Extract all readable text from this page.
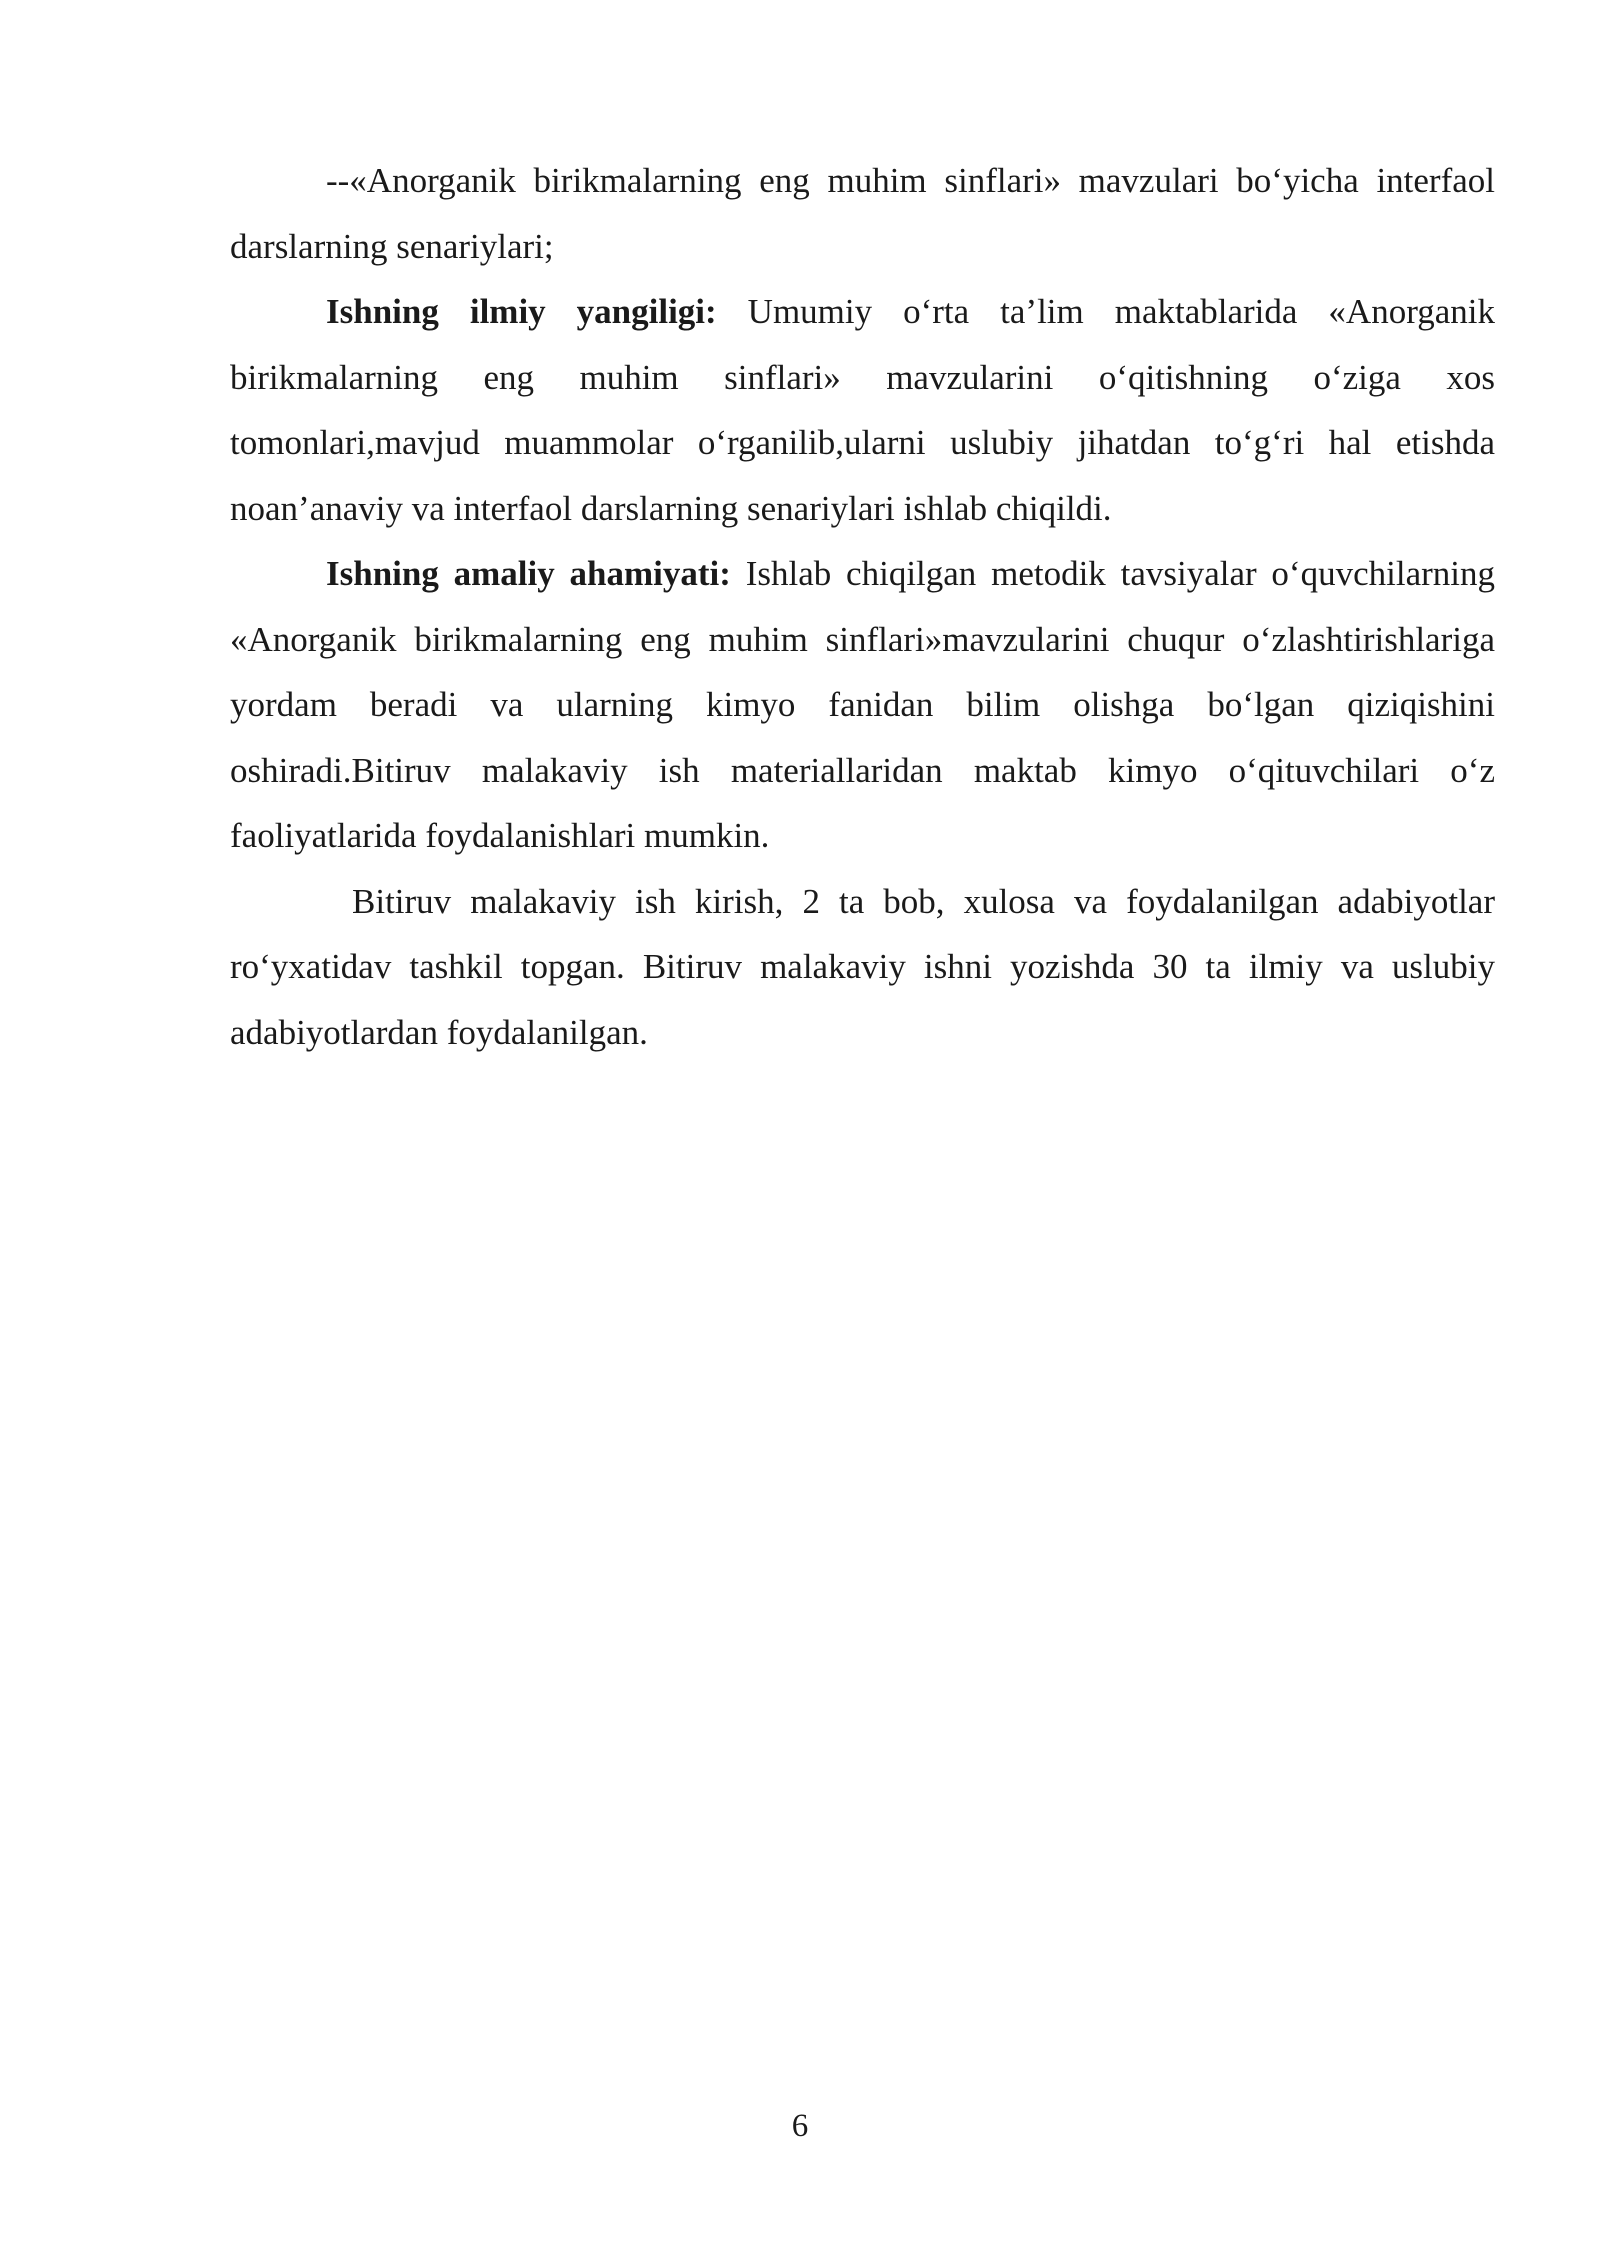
--«Anorganik birikmalarning eng muhim sinflari» mavzulari bo‘yicha interfaol darslarning senariylari;

Ishning ilmiy yangiligi: Umumiy o‘rta ta’lim maktablarida «Anorganik birikmalarning eng muhim sinflari» mavzularini o‘qitishning o‘ziga xos tomonlari,mavjud muammolar o‘rganilib,ularni uslubiy jihatdan to‘g‘ri hal etishda noan’anaviy va interfaol darslarning senariylari ishlab chiqildi.

Ishning amaliy ahamiyati: Ishlab chiqilgan metodik tavsiyalar o‘quvchilarning «Anorganik birikmalarning eng muhim sinflari»mavzularini chuqur o‘zlashtirishlariga yordam beradi va ularning kimyo fanidan bilim olishga bo‘lgan qiziqishini oshiradi.Bitiruv malakaviy ish materiallaridan maktab kimyo o‘qituvchilari o‘z faoliyatlarida foydalanishlari mumkin.

Bitiruv malakaviy ish kirish, 2 ta bob, xulosa va foydalanilgan adabiyotlar ro‘yxatidav tashkil topgan. Bitiruv malakaviy ishni yozishda 30 ta ilmiy va uslubiy adabiyotlardan foydalanilgan.

6
